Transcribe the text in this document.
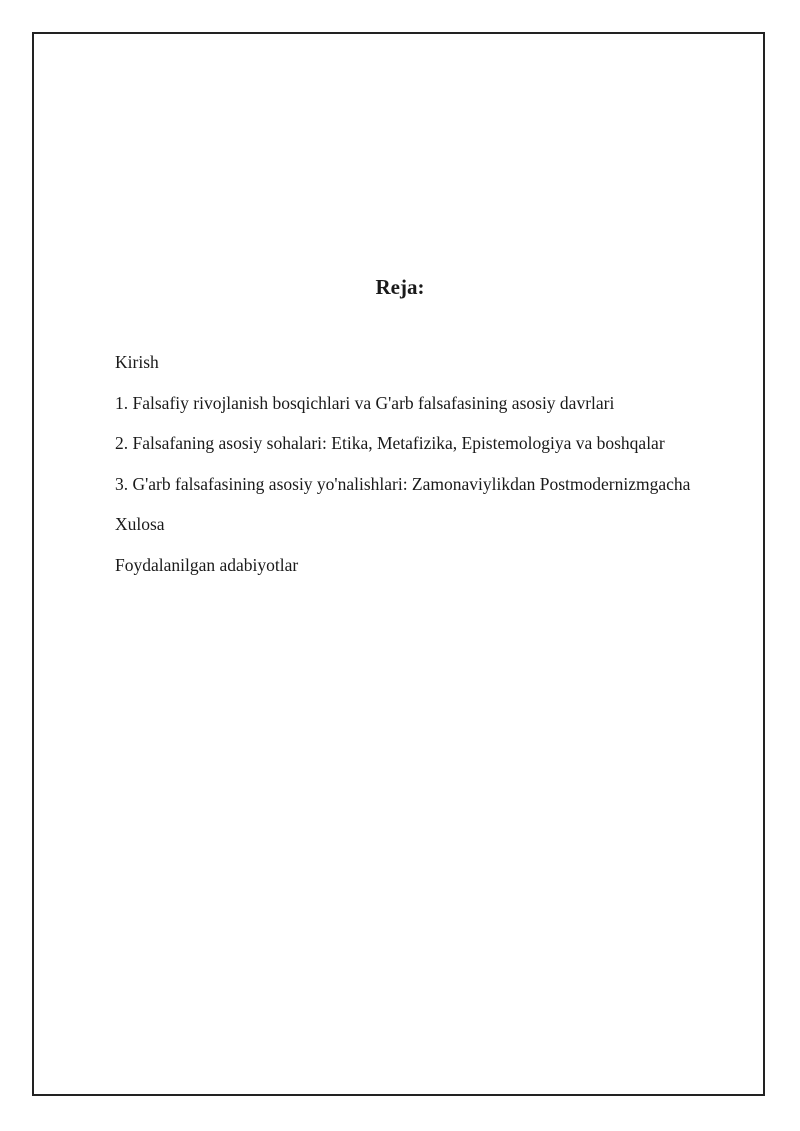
Reja:
Kirish
1. Falsafiy rivojlanish bosqichlari va G'arb falsafasining asosiy davrlari
2. Falsafaning asosiy sohalari: Etika, Metafizika, Epistemologiya va boshqalar
3. G'arb falsafasining asosiy yo'nalishlari: Zamonaviylikdan Postmodernizmgacha
Xulosa
Foydalanilgan adabiyotlar
